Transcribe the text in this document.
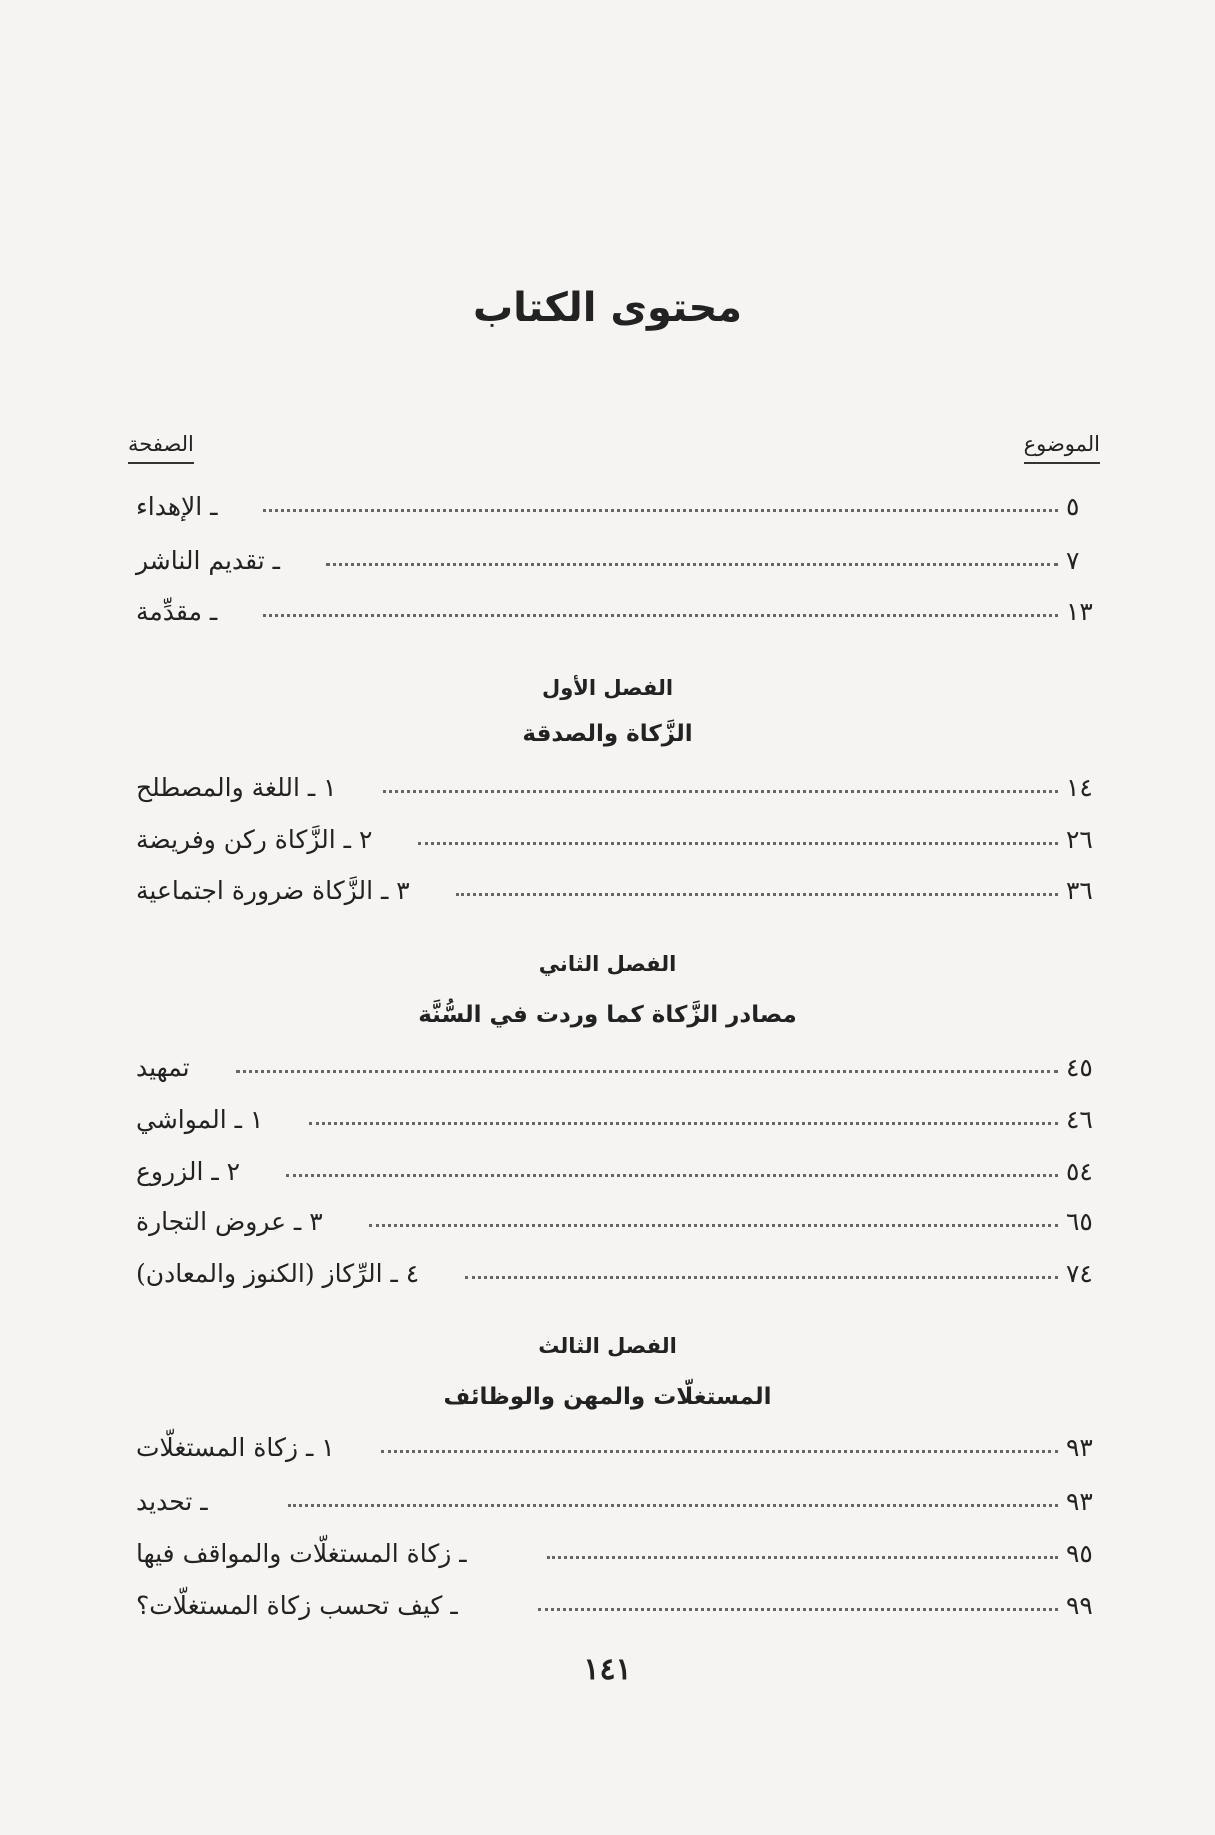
محتوى الكتاب
الموضوع
الصفحة
ـ الإهداء	٥
ـ تقديم الناشر	٧
ـ مقدِّمة	١٣
الفصل الأول
الزَّكاة والصدقة
١ ـ اللغة والمصطلح	١٤
٢ ـ الزَّكاة ركن وفريضة	٢٦
٣ ـ الزَّكاة ضرورة اجتماعية	٣٦
الفصل الثاني
مصادر الزَّكاة كما وردت في السُّنَّة
تمهيد	٤٥
١ ـ المواشي	٤٦
٢ ـ الزروع	٥٤
٣ ـ عروض التجارة	٦٥
٤ ـ الرِّكاز (الكنوز والمعادن)	٧٤
الفصل الثالث
المستغلّات والمهن والوظائف
١ ـ زكاة المستغلّات	٩٣
ـ تحديد	٩٣
ـ زكاة المستغلّات والمواقف فيها	٩٥
ـ كيف تحسب زكاة المستغلّات؟	٩٩
١٤١
